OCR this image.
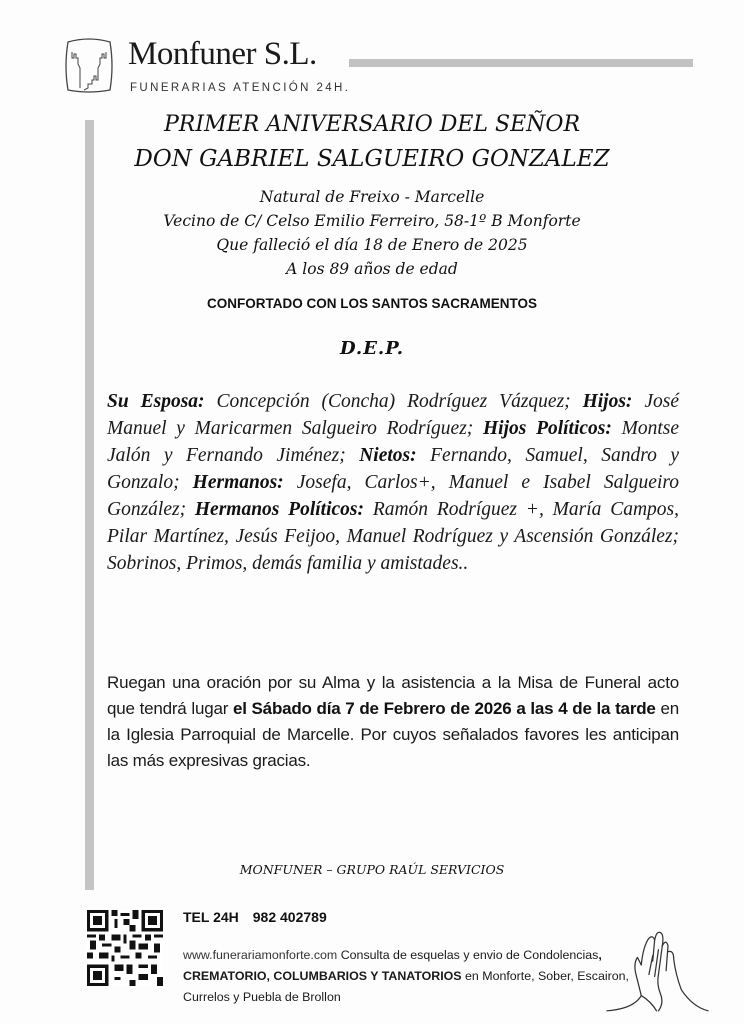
Monfuner S.L.
FUNERARIAS ATENCIÓN 24H.
PRIMER ANIVERSARIO DEL SEÑOR
DON GABRIEL SALGUEIRO GONZALEZ
Natural de Freixo - Marcelle
Vecino de C/ Celso Emilio Ferreiro, 58-1º B Monforte
Que falleció el día 18 de Enero de 2025
A los 89 años de edad
CONFORTADO CON LOS SANTOS SACRAMENTOS
D.E.P.
Su Esposa: Concepción (Concha) Rodríguez Vázquez; Hijos: José Manuel y Maricarmen Salgueiro Rodríguez; Hijos Políticos: Montse Jalón y Fernando Jiménez; Nietos: Fernando, Samuel, Sandro y Gonzalo; Hermanos: Josefa, Carlos+, Manuel e Isabel Salgueiro González; Hermanos Políticos: Ramón Rodríguez +, María Campos, Pilar Martínez, Jesús Feijoo, Manuel Rodríguez y Ascensión González; Sobrinos, Primos, demás familia y amistades..
Ruegan una oración por su Alma y la asistencia a la Misa de Funeral acto que tendrá lugar el Sábado día 7 de Febrero de 2026 a las 4 de la tarde en la Iglesia Parroquial de Marcelle. Por cuyos señalados favores les anticipan las más expresivas gracias.
MONFUNER – GRUPO RAÚL SERVICIOS
TEL 24H 982 402789
www.funerariamonforte.com Consulta de esquelas y envio de Condolencias, CREMATORIO, COLUMBARIOS Y TANATORIOS en Monforte, Sober, Escairon, Currelos y Puebla de Brollon
